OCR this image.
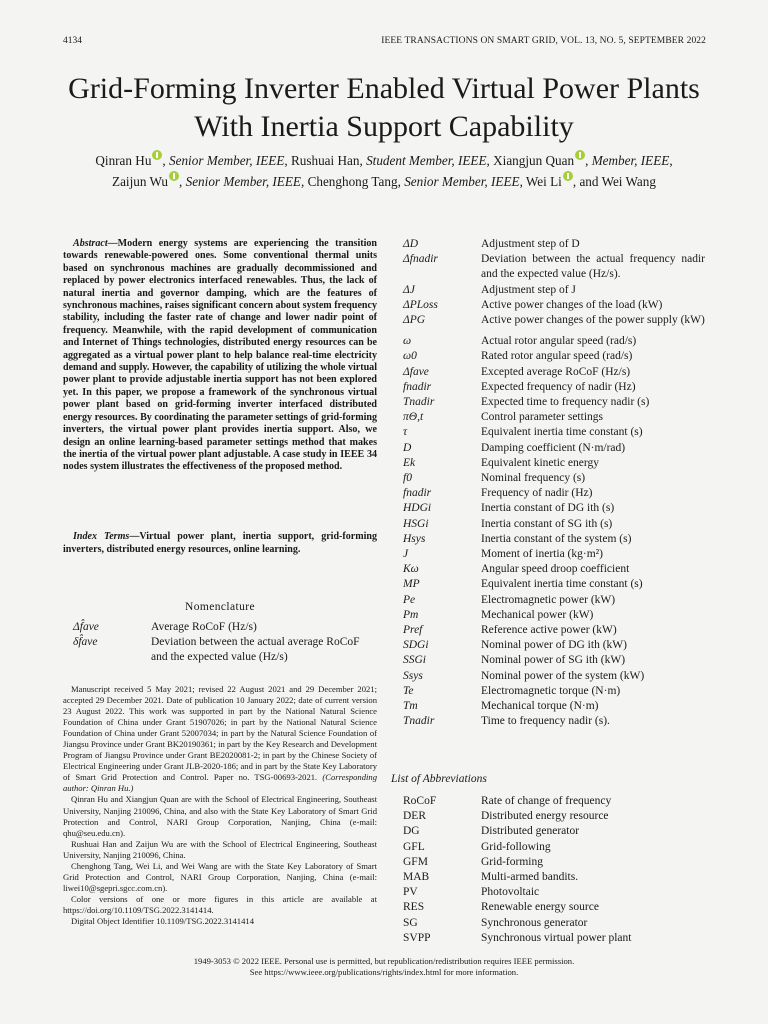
4134	IEEE TRANSACTIONS ON SMART GRID, VOL. 13, NO. 5, SEPTEMBER 2022
Grid-Forming Inverter Enabled Virtual Power Plants With Inertia Support Capability
Qinran Hu , Senior Member, IEEE, Rushuai Han, Student Member, IEEE, Xiangjun Quan , Member, IEEE,
Zaijun Wu , Senior Member, IEEE, Chenghong Tang, Senior Member, IEEE, Wei Li , and Wei Wang

Abstract—Modern energy systems are experiencing the transition towards renewable-powered ones. Some conventional thermal units based on synchronous machines are gradually decommissioned and replaced by power electronics interfaced renewables. Thus, the lack of natural inertia and governor damping, which are the features of synchronous machines, raises significant concern about system frequency stability, including the faster rate of change and lower nadir point of frequency. Meanwhile, with the rapid development of communication and Internet of Things technologies, distributed energy resources can be aggregated as a virtual power plant to help balance real-time electricity demand and supply. However, the capability of utilizing the whole virtual power plant to provide adjustable inertia support has not been explored yet. In this paper, we propose a framework of the synchronous virtual power plant based on grid-forming inverter interfaced distributed energy resources. By coordinating the parameter settings of grid-forming inverters, the virtual power plant provides inertia support. Also, we design an online learning-based parameter settings method that makes the inertia of the virtual power plant adjustable. A case study in IEEE 34 nodes system illustrates the effectiveness of the proposed method.

Index Terms—Virtual power plant, inertia support, grid-forming inverters, distributed energy resources, online learning.

Nomenclature
Δf̂ave	Average RoCoF (Hz/s)
δf̂ave	Deviation between the actual average RoCoF and the expected value (Hz/s)

Manuscript received 5 May 2021; revised 22 August 2021 and 29 December 2021; accepted 29 December 2021. Date of publication 10 January 2022; date of current version 23 August 2022. This work was supported in part by the National Natural Science Foundation of China under Grant 51907026; in part by the National Natural Science Foundation of China under Grant 52007034; in part by the Natural Science Foundation of Jiangsu Province under Grant BK20190361; in part by the Key Research and Development Program of Jiangsu Province under Grant BE2020081-2; in part by the Chinese Society of Electrical Engineering under Grant JLB-2020-186; and in part by the State Key Laboratory of Smart Grid Protection and Control. Paper no. TSG-00693-2021. (Corresponding author: Qinran Hu.)

Qinran Hu and Xiangjun Quan are with the School of Electrical Engineering, Southeast University, Nanjing 210096, China, and also with the State Key Laboratory of Smart Grid Protection and Control, NARI Group Corporation, Nanjing, China (e-mail: qhu@seu.edu.cn).

Rushuai Han and Zaijun Wu are with the School of Electrical Engineering, Southeast University, Nanjing 210096, China.

Chenghong Tang, Wei Li, and Wei Wang are with the State Key Laboratory of Smart Grid Protection and Control, NARI Group Corporation, Nanjing, China (e-mail: liwei10@sgepri.sgcc.com.cn).

Color versions of one or more figures in this article are available at https://doi.org/10.1109/TSG.2022.3141414.

Digital Object Identifier 10.1109/TSG.2022.3141414

ΔD	Adjustment step of D
Δfnadir	Deviation between the actual frequency nadir and the expected value (Hz/s).
ΔJ	Adjustment step of J
ΔPLoss	Active power changes of the load (kW)
ΔPG	Active power changes of the power supply (kW)
ω	Actual rotor angular speed (rad/s)
ω0	Rated rotor angular speed (rad/s)
Δfave	Excepted average RoCoF (Hz/s)
fnadir	Expected frequency of nadir (Hz)
Tnadir	Expected time to frequency nadir (s)
πΘ,t	Control parameter settings
τ	Equivalent inertia time constant (s)
D	Damping coefficient (N·m/rad)
Ek	Equivalent kinetic energy
f0	Nominal frequency (s)
fnadir	Frequency of nadir (Hz)
HDGi	Inertia constant of DG ith (s)
HSGi	Inertia constant of SG ith (s)
Hsys	Inertia constant of the system (s)
J	Moment of inertia (kg·m²)
Kω	Angular speed droop coefficient
MP	Equivalent inertia time constant (s)
Pe	Electromagnetic power (kW)
Pm	Mechanical power (kW)
Pref	Reference active power (kW)
SDGi	Nominal power of DG ith (kW)
SSGi	Nominal power of SG ith (kW)
Ssys	Nominal power of the system (kW)
Te	Electromagnetic torque (N·m)
Tm	Mechanical torque (N·m)
Tnadir	Time to frequency nadir (s).
List of Abbreviations
RoCoF	Rate of change of frequency
DER	Distributed energy resource
DG	Distributed generator
GFL	Grid-following
GFM	Grid-forming
MAB	Multi-armed bandits.
PV	Photovoltaic
RES	Renewable energy source
SG	Synchronous generator
SVPP	Synchronous virtual power plant
1949-3053 © 2022 IEEE. Personal use is permitted, but republication/redistribution requires IEEE permission.
See https://www.ieee.org/publications/rights/index.html for more information.
